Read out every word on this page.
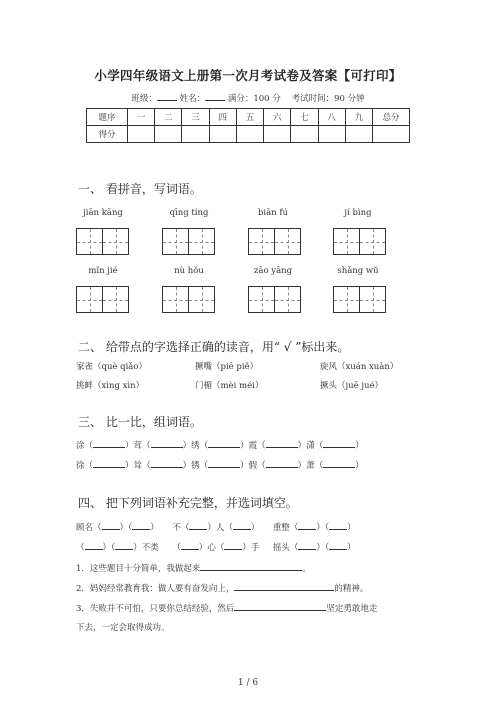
小学四年级语文上册第一次月考试卷及答案【可打印】
班级：	姓名：	满分：100 分 考试时间：90 分钟
题序	一	二	三	四	五	六	七	八	九	总分
得分										
一、 看拼音，写词语。
jiān kāng	qīng tíng	biān fú	jí bìng
mǐn jié	nù hǒu	zāo yāng	shǎng wǔ
二、 给带点的字选择正确的读音，用“ √ ”标出来。
家雀（què qiǎo）	撅嘴（piē piě）	旋风（xuán xuàn）
挑衅（xìng xìn）	门楣（mèi méi）	撅头（juē jué）
三、 比一比，组词语。
涂（	）茸（	）绣（	）霞（	）潇（	）
徐（	）耸（	）锈（	）假（	）萧（	）
四、 把下列词语补充完整，并选词填空。
顾名（ ）（ ） 不（ ）人（ ） 重整（ ）（ ）
（ ）（ ）不类 （ ）心（ ）手 摇头（ ）（ ）
1．这些题目十分简单，我做起来	。
2．妈妈经常教育我：做人要有奋发向上，	的精神。
3．失败并不可怕，只要你总结经验，然后	坚定勇敢地走
下去，一定会取得成功。
1 / 6
